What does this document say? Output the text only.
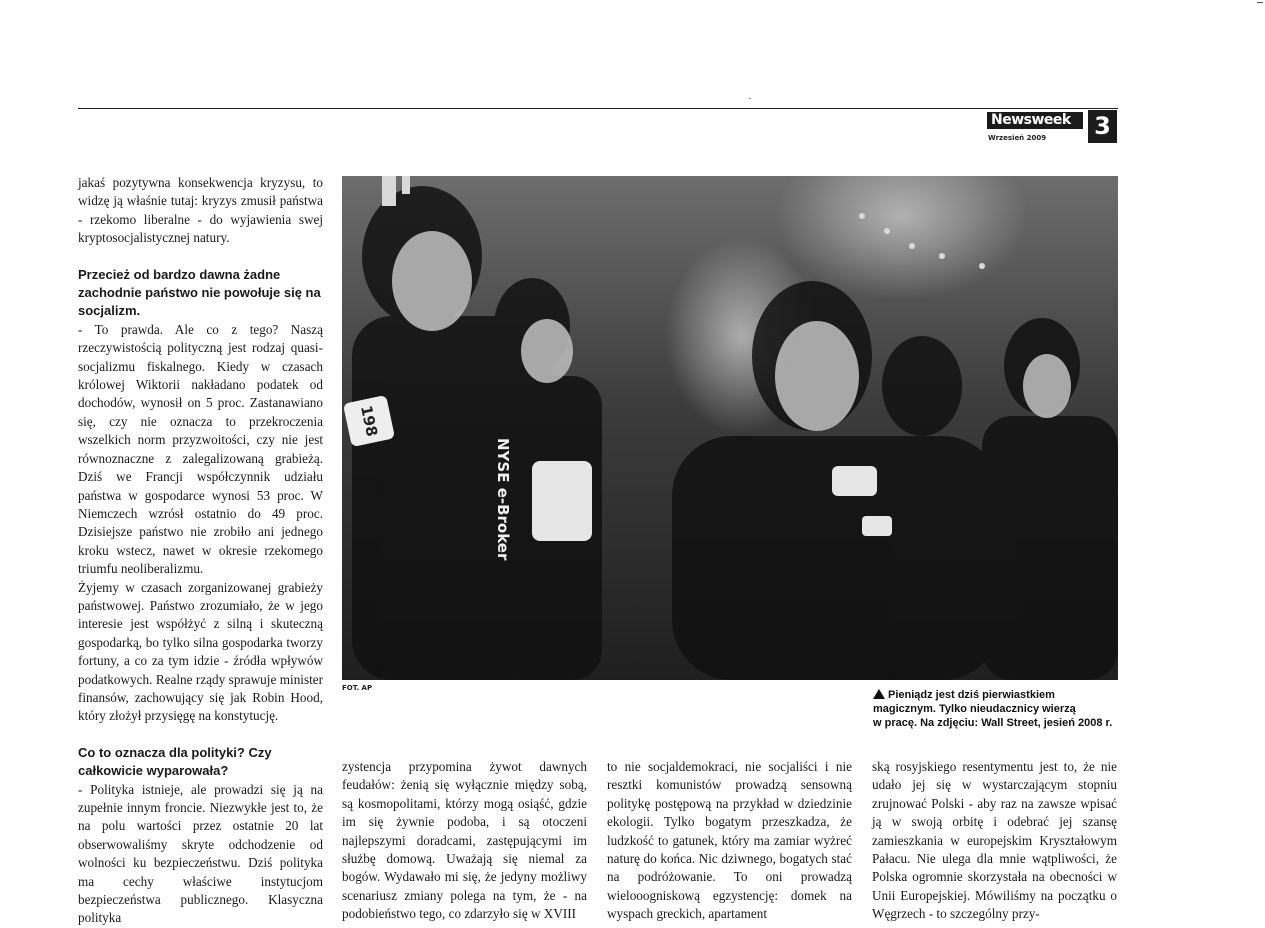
Newsweek
Wrzesień 2009 3

jakaś pozytywna konsekwencja kryzysu, to widzę ją właśnie tutaj: kryzys zmusił państwa - rzekomo liberalne - do wyjawienia swej kryptosocjalistycznej natury.

Przecież od bardzo dawna żadne zachodnie państwo nie powołuje się na socjalizm.

- To prawda. Ale co z tego? Naszą rzeczywistością polityczną jest rodzaj quasi-socjalizmu fiskalnego. Kiedy w czasach królowej Wiktorii nakładano podatek od dochodów, wynosił on 5 proc. Zastanawiano się, czy nie oznacza to przekroczenia wszelkich norm przyzwoitości, czy nie jest równoznaczne z zalegalizowaną grabieżą. Dziś we Francji współczynnik udziału państwa w gospodarce wynosi 53 proc. W Niemczech wzrósł ostatnio do 49 proc. Dzisiejsze państwo nie zrobiło ani jednego kroku wstecz, nawet w okresie rzekomego triumfu neoliberalizmu.

Żyjemy w czasach zorganizowanej grabieży państwowej. Państwo zrozumiało, że w jego interesie jest współżyć z silną i skuteczną gospodarką, bo tylko silna gospodarka tworzy fortuny, a co za tym idzie - źródła wpływów podatkowych. Realne rządy sprawuje minister finansów, zachowujący się jak Robin Hood, który złożył przysięgę na konstytucję.

Co to oznacza dla polityki? Czy całkowicie wyparowała?

- Polityka istnieje, ale prowadzi się ją na zupełnie innym froncie. Niezwykłe jest to, że na polu wartości przez ostatnie 20 lat obserwowaliśmy skryte odchodzenie od wolności ku bezpieczeństwu. Dziś polityka ma cechy właściwe instytucjom bezpieczeństwa publicznego. Klasyczna polityka

198
NYSE e-Broker
FOT. AP
Pieniądz jest dziś pierwiastkiem
magicznym. Tylko nieudacznicy wierzą
w pracę. Na zdjęciu: Wall Street, jesień 2008 r.

zystencja przypomina żywot dawnych feudałów: żenią się wyłącznie między sobą, są kosmopolitami, którzy mogą osiąść, gdzie im się żywnie podoba, i są otoczeni najlepszymi doradcami, zastępującymi im służbę domową. Uważają się niemal za bogów. Wydawało mi się, że jedyny możliwy scenariusz zmiany polega na tym, że - na podobieństwo tego, co zdarzyło się w XVIII

to nie socjaldemokraci, nie socjaliści i nie resztki komunistów prowadzą sensowną politykę postępową na przykład w dziedzinie ekologii. Tylko bogatym przeszkadza, że ludzkość to gatunek, który ma zamiar wyżreć naturę do końca. Nic dziwnego, bogatych stać na podróżowanie. To oni prowadzą wielooogniskową egzystencję: domek na wyspach greckich, apartament

ską rosyjskiego resentymentu jest to, że nie udało jej się w wystarczającym stopniu zrujnować Polski - aby raz na zawsze wpisać ją w swoją orbitę i odebrać jej szansę zamieszkania w europejskim Kryształowym Pałacu. Nie ulega dla mnie wątpliwości, że Polska ogromnie skorzystała na obecności w Unii Europejskiej. Mówiliśmy na początku o Węgrzech - to szczególny przy-
